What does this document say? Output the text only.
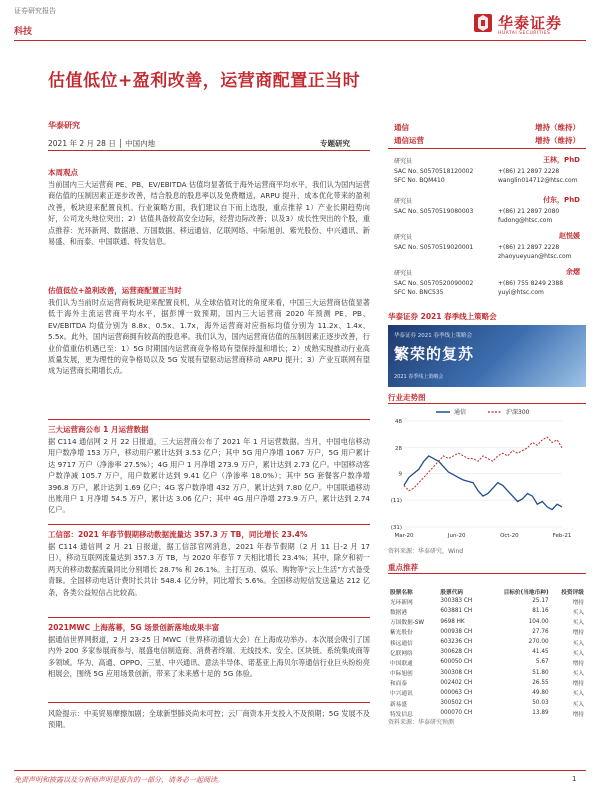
证券研究报告
科技	华泰证券
HUATAI SECURITIES
估值低位+盈利改善，运营商配置正当时
华泰研究
2021 年 2 月 28 日 │ 中国内地	专题研究
本周观点
当前国内三大运营商 PE、PB、EV/EBITDA 估值均显著低于海外运营商平均水平，我们认为国内运营商估值的压制因素正逐步改善，结合股息的股息率以及免费赠送，ARPU 提升、成本优化带来的盈利改善，板块迎来配置良机。行业策略方面，我们建议自下而上选股，重点推荐 1）产业长期趋势向好，公司龙头地位突出；2）估值具备较高安全边际，经营边际改善；以及3）成长性突出的个股，重点推荐：光环新网、数据港、万国数据、移远通信、亿联网络、中际旭创、紫光股份、中兴通讯、新易盛、和而泰、中国联通、特发信息。
估值低位+盈利改善，运营商配置正当时
我们认为当前时点运营商板块迎来配置良机，从全球估值对比的角度来看，中国三大运营商估值显著低于海外主流运营商平均水平，据彭博一致预期，国内三大运营商 2020 年预测 PE、PB、EV/EBITDA 均值分别为 8.8x、0.5x、1.7x，海外运营商对应指标均值分别为 11.2x、1.4x、5.5x。此外，国内运营商拥有较高的股息率。我们认为，国内运营商估值的压制因素正逐步改善，行业价值重估机遇已至：1）5G 时期国内运营商竞争格局有望保持温和增长；2）成熟实现推动行业高质量发展，更为理性的竞争格局以及 5G 发展有望驱动运营商移动 ARPU 提升；3）产业互联网有望成为运营商长期增长点。
三大运营商公布 1 月运营数据
据 C114 通信网 2 月 22 日报道，三大运营商公布了 2021 年 1 月运营数据。当月，中国电信移动用户数净增 153 万户，移动用户累计达到 3.53 亿户；其中 5G 用户净增 1067 万户，5G 用户累计达 9717 万户（净渗率 27.5%）；4G 用户 1 月净增 273.9 万户，累计达到 2.73 亿户。中国移动客户数净减 105.7 万户，用户数累计达到 9.41 亿户（净渗率 18.0%）；其中 5G 套餐客户数净增 396.8 万户，累计达到 1.69 亿户；4G 客户数净增 432 万户，累计达到 7.80 亿户。中国联通移动出账用户 1 月净增 54.5 万户，累计达 3.06 亿户；其中 4G 用户净增 273.9 万户，累计达到 2.74 亿户。
工信部：2021 年春节假期移动数据流量达 357.3 万 TB，同比增长 23.4%
据 C114 通信网 2 月 21 日报道，据工信部官网消息，2021 年春节假期（2 月 11 日-2 月 17 日），移动互联网流量达到 357.3 万 TB，与 2020 年春节 7 天相比增长 23.4%；其中，除夕和初一两天的移动数据流量同比分别增长 28.7% 和 26.1%。主打互动、娱乐、购物等“云上生活”方式备受青睐。全国移动电话计费时长共计 548.4 亿分钟，同比增长 5.6%。全国移动短信发送量达 212 亿条，各类公益短信占比较高。
2021MWC 上海落幕，5G 场景创新落地成果丰富
据通信世界网报道，2 月 23-25 日 MWC（世界移动通信大会）在上海成功举办。本次展会吸引了国内外 200 多家参展商参与，展盛电信制造商、消费者终端、无线技术、安全、区块链、系统集成商等多领域。华为、高通、OPPO、三星、中兴通讯、意法半导体、诺基亚上海贝尔等通信行业巨头纷纷亮相展会，围绕 5G 应用场景创新，带来了未来感十足的 5G 体验。
风险提示：中美贸易摩擦加剧；全球新型肺炎尚未可控；云厂商资本开支投入不及预期；5G 发展不及预期。
通信	增持（维持）
通信运营	增持（维持）
研究员	王林，PhD
SAC No. S0570518120002
SFC No. BQM410
+(86) 21 2897 2228
wanglin014712@htsc.com
研究员	付东，PhD
SAC No. S0570519080003	+(86) 21 2897 2080
fudong@htsc.com
研究员	赵悦媛
SAC No. S0570519020001	+(86) 21 2897 2228
zhaoyueyuan@htsc.com
研究员	余熠
SAC No. S0570520090002
SFC No. BNC535
+(86) 755 8249 2388
yuyi@htsc.com
华泰证券 2021 春季线上策略会
华泰证券 2021 春季线上策略会
繁荣的复苏
2021 春季线上策略会
行业走势图
48
28
9
(11)
(31)
Mar-20	Jun-20	Oct-20	Feb-21
通信	沪深300
资料来源：华泰研究，Wind
重点推荐
股票名称	股票代码	目标价(当地币种)	投资评级
光环新网	300383 CH	25.17	增持
数据港	603881 CH	81.16	买入
万国数据-SW	9698 HK	104.00	买入
紫光股份	000938 CH	27.76	增持
移远通信	603236 CH	270.00	买入
亿联网络	300628 CH	41.45	买入
中国联通	600050 CH	5.67	增持
中际旭创	300308 CH	51.80	买入
和而泰	002402 CH	26.55	增持
中兴通讯	000063 CH	49.80	买入
新易盛	300502 CH	50.03	买入
特发信息	000070 CH	13.89	增持
资料来源：华泰研究预测
免责声明和披露以及分析师声明是报告的一部分，请务必一起阅读。	1
